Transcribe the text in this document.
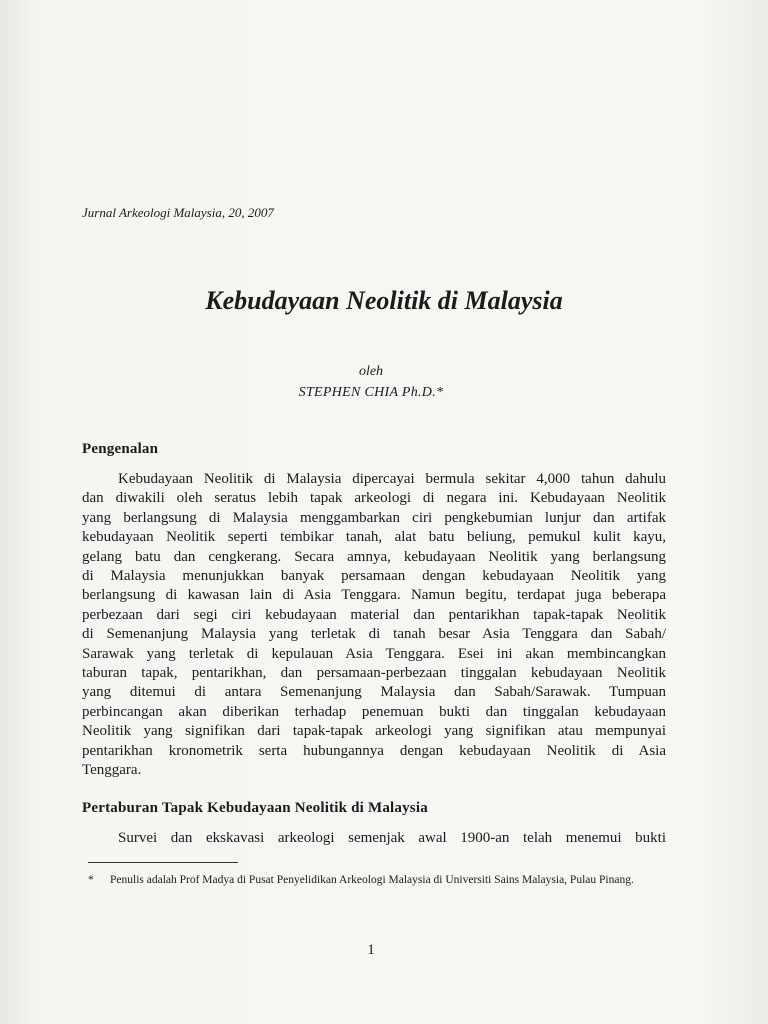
Jurnal Arkeologi Malaysia, 20, 2007
Kebudayaan Neolitik di Malaysia
oleh
STEPHEN CHIA Ph.D.*
Pengenalan
Kebudayaan Neolitik di Malaysia dipercayai bermula sekitar 4,000 tahun dahulu
dan diwakili oleh seratus lebih tapak arkeologi di negara ini. Kebudayaan Neolitik
yang berlangsung di Malaysia menggambarkan ciri pengkebumian lunjur dan artifak
kebudayaan Neolitik seperti tembikar tanah, alat batu beliung, pemukul kulit kayu,
gelang batu dan cengkerang. Secara amnya, kebudayaan Neolitik yang berlangsung
di Malaysia menunjukkan banyak persamaan dengan kebudayaan Neolitik yang
berlangsung di kawasan lain di Asia Tenggara. Namun begitu, terdapat juga beberapa
perbezaan dari segi ciri kebudayaan material dan pentarikhan tapak-tapak Neolitik
di Semenanjung Malaysia yang terletak di tanah besar Asia Tenggara dan Sabah/
Sarawak yang terletak di kepulauan Asia Tenggara. Esei ini akan membincangkan
taburan tapak, pentarikhan, dan persamaan-perbezaan tinggalan kebudayaan Neolitik
yang ditemui di antara Semenanjung Malaysia dan Sabah/Sarawak. Tumpuan
perbincangan akan diberikan terhadap penemuan bukti dan tinggalan kebudayaan
Neolitik yang signifikan dari tapak-tapak arkeologi yang signifikan atau mempunyai
pentarikhan kronometrik serta hubungannya dengan kebudayaan Neolitik di Asia
Tenggara.
Pertaburan Tapak Kebudayaan Neolitik di Malaysia
Survei dan ekskavasi arkeologi semenjak awal 1900-an telah menemui bukti
* Penulis adalah Prof Madya di Pusat Penyelidikan Arkeologi Malaysia di Universiti Sains Malaysia, Pulau Pinang.
1
